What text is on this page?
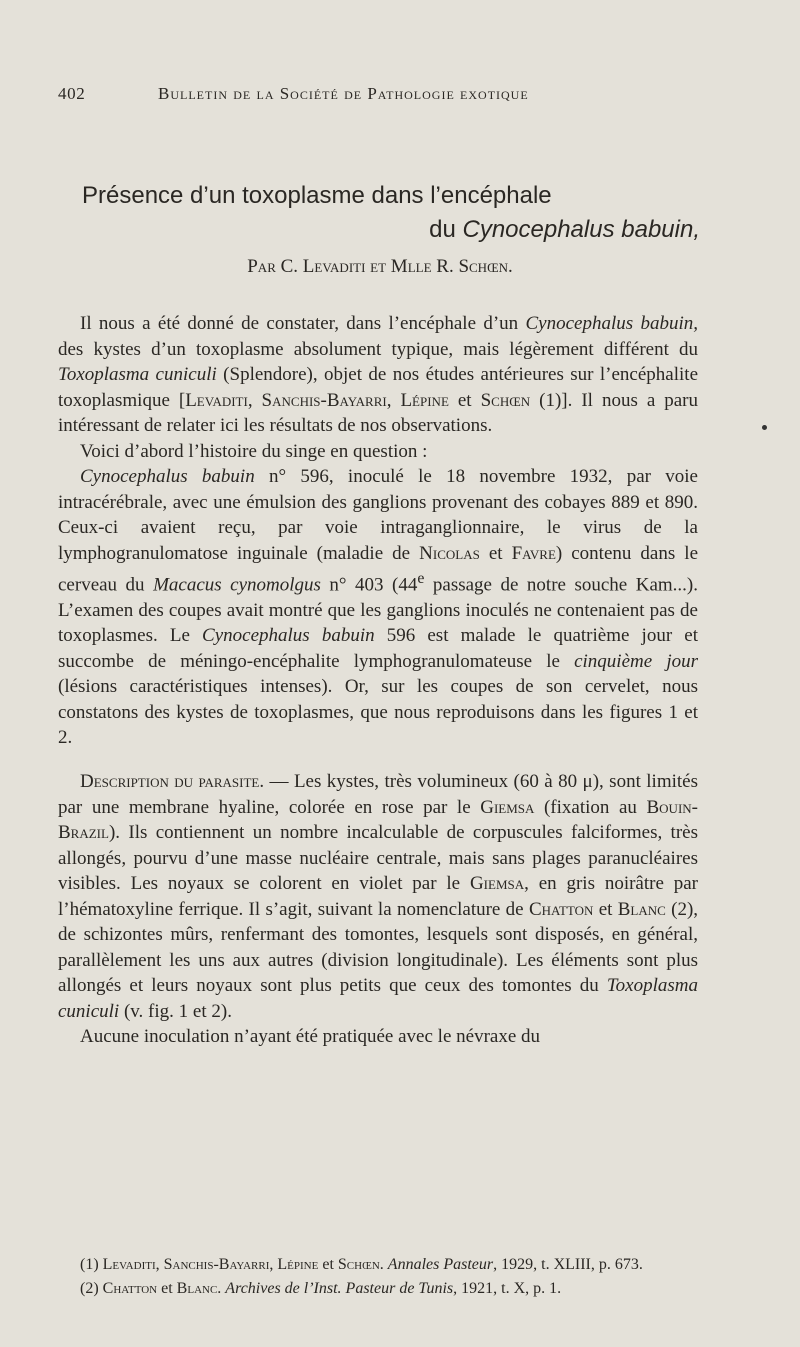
402	Bulletin de la Société de Pathologie exotique
Présence d’un toxoplasme dans l’encéphale
du Cynocephalus babuin,
Par C. Levaditi et Mlle R. Schœn.

Il nous a été donné de constater, dans l’encéphale d’un Cynocephalus babuin, des kystes d’un toxoplasme absolument typique, mais légèrement différent du Toxoplasma cuniculi (Splendore), objet de nos études antérieures sur l’encéphalite toxoplasmique [Levaditi, Sanchis-Bayarri, Lépine et Schœn (1)]. Il nous a paru intéressant de relater ici les résultats de nos observations.

Voici d’abord l’histoire du singe en question :

Cynocephalus babuin n° 596, inoculé le 18 novembre 1932, par voie intracérébrale, avec une émulsion des ganglions provenant des cobayes 889 et 890. Ceux-ci avaient reçu, par voie intraganglionnaire, le virus de la lymphogranulomatose inguinale (maladie de Nicolas et Favre) contenu dans le cerveau du Macacus cynomolgus n° 403 (44e passage de notre souche Kam...). L’examen des coupes avait montré que les ganglions inoculés ne contenaient pas de toxoplasmes. Le Cynocephalus babuin 596 est malade le quatrième jour et succombe de méningo-encéphalite lymphogranulomateuse le cinquième jour (lésions caractéristiques intenses). Or, sur les coupes de son cervelet, nous constatons des kystes de toxoplasmes, que nous reproduisons dans les figures 1 et 2.

Description du parasite. — Les kystes, très volumineux (60 à 80 μ), sont limités par une membrane hyaline, colorée en rose par le Giemsa (fixation au Bouin-Brazil). Ils contiennent un nombre incalculable de corpuscules falciformes, très allongés, pourvu d’une masse nucléaire centrale, mais sans plages paranucléaires visibles. Les noyaux se colorent en violet par le Giemsa, en gris noirâtre par l’hématoxyline ferrique. Il s’agit, suivant la nomenclature de Chatton et Blanc (2), de schizontes mûrs, renfermant des tomontes, lesquels sont disposés, en général, parallèlement les uns aux autres (division longitudinale). Les éléments sont plus allongés et leurs noyaux sont plus petits que ceux des tomontes du Toxoplasma cuniculi (v. fig. 1 et 2).

Aucune inoculation n’ayant été pratiquée avec le névraxe du

(1) Levaditi, Sanchis-Bayarri, Lépine et Schœn. Annales Pasteur, 1929, t. XLIII, p. 673.

(2) Chatton et Blanc. Archives de l’Inst. Pasteur de Tunis, 1921, t. X, p. 1.
